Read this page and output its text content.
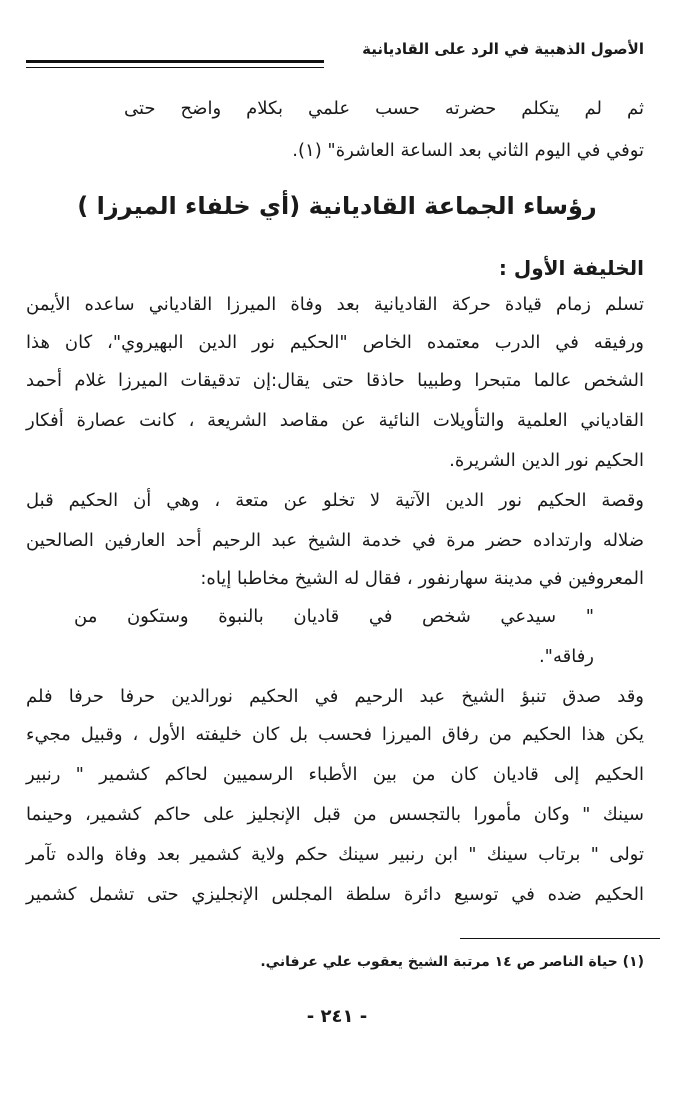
الأصول الذهبية في الرد على القاديانية
ثم لم يتكلم حضرته حسب علمي بكلام واضح حتى
توفي في اليوم الثاني بعد الساعة العاشرة" (١).
رؤساء الجماعة القاديانية (أي خلفاء الميرزا )
الخليفة الأول :
تسلم زمام قيادة حركة القاديانية بعد وفاة الميرزا القادياني ساعده الأيمن
ورفيقه في الدرب معتمده الخاص "الحكيم نور الدين البهيروي"، كان هذا
الشخص عالما متبحرا وطبيبا حاذقا حتى يقال:إن تدقيقات الميرزا غلام أحمد
القادياني العلمية والتأويلات النائية عن مقاصد الشريعة ، كانت عصارة أفكار
الحكيم نور الدين الشريرة.
وقصة الحكيم نور الدين الآتية لا تخلو عن متعة ، وهي أن الحكيم قبل
ضلاله وارتداده حضر مرة في خدمة الشيخ عبد الرحيم أحد العارفين الصالحين
المعروفين في مدينة سهارنفور ، فقال له الشيخ مخاطبا إياه:
" سيدعي شخص في قاديان بالنبوة وستكون من
رفاقه".
وقد صدق تنبؤ الشيخ عبد الرحيم في الحكيم نورالدين حرفا حرفا فلم
يكن هذا الحكيم من رفاق الميرزا فحسب بل كان خليفته الأول ، وقبيل مجيء
الحكيم إلى قاديان كان من بين الأطباء الرسميين لحاكم كشمير " رنبير
سينك " وكان مأمورا بالتجسس من قبل الإنجليز على حاكم كشمير، وحينما
تولى " برتاب سينك " ابن رنبير سينك حكم ولاية كشمير بعد وفاة والده تآمر
الحكيم ضده في توسيع دائرة سلطة المجلس الإنجليزي حتى تشمل كشمير
(١) حياة الناصر ص ١٤ مرتبة الشيخ يعقوب علي عرفاني.
- ٢٤١ -
